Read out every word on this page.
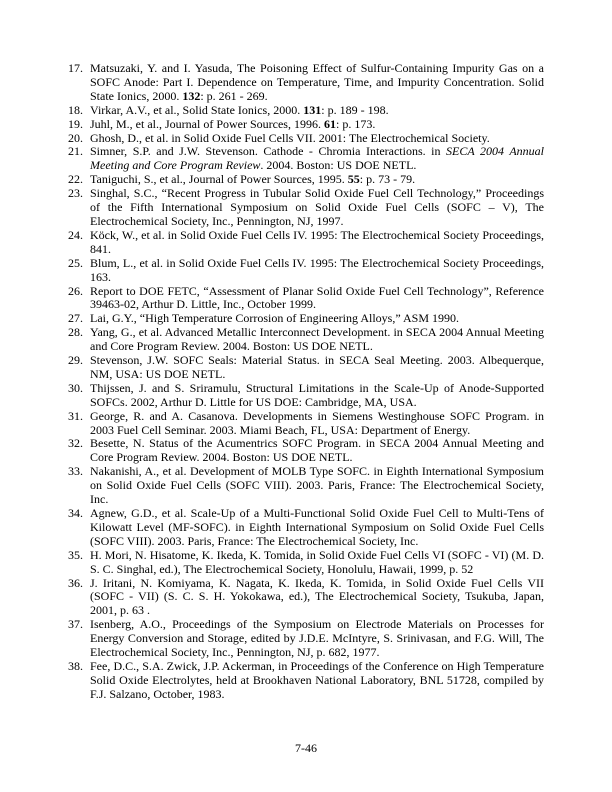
17. Matsuzaki, Y. and I. Yasuda, The Poisoning Effect of Sulfur-Containing Impurity Gas on a SOFC Anode: Part I. Dependence on Temperature, Time, and Impurity Concentration. Solid State Ionics, 2000. 132: p. 261 - 269.
18. Virkar, A.V., et al., Solid State Ionics, 2000. 131: p. 189 - 198.
19. Juhl, M., et al., Journal of Power Sources, 1996. 61: p. 173.
20. Ghosh, D., et al. in Solid Oxide Fuel Cells VII. 2001: The Electrochemical Society.
21. Simner, S.P. and J.W. Stevenson. Cathode - Chromia Interactions. in SECA 2004 Annual Meeting and Core Program Review. 2004. Boston: US DOE NETL.
22. Taniguchi, S., et al., Journal of Power Sources, 1995. 55: p. 73 - 79.
23. Singhal, S.C., “Recent Progress in Tubular Solid Oxide Fuel Cell Technology,” Proceedings of the Fifth International Symposium on Solid Oxide Fuel Cells (SOFC – V), The Electrochemical Society, Inc., Pennington, NJ, 1997.
24. Köck, W., et al. in Solid Oxide Fuel Cells IV. 1995: The Electrochemical Society Proceedings, 841.
25. Blum, L., et al. in Solid Oxide Fuel Cells IV. 1995: The Electrochemical Society Proceedings, 163.
26. Report to DOE FETC, “Assessment of Planar Solid Oxide Fuel Cell Technology”, Reference 39463-02, Arthur D. Little, Inc., October 1999.
27. Lai, G.Y., “High Temperature Corrosion of Engineering Alloys,” ASM 1990.
28. Yang, G., et al. Advanced Metallic Interconnect Development. in SECA 2004 Annual Meeting and Core Program Review. 2004. Boston: US DOE NETL.
29. Stevenson, J.W. SOFC Seals: Material Status. in SECA Seal Meeting. 2003. Albequerque, NM, USA: US DOE NETL.
30. Thijssen, J. and S. Sriramulu, Structural Limitations in the Scale-Up of Anode-Supported SOFCs. 2002, Arthur D. Little for US DOE: Cambridge, MA, USA.
31. George, R. and A. Casanova. Developments in Siemens Westinghouse SOFC Program. in 2003 Fuel Cell Seminar. 2003. Miami Beach, FL, USA: Department of Energy.
32. Besette, N. Status of the Acumentrics SOFC Program. in SECA 2004 Annual Meeting and Core Program Review. 2004. Boston: US DOE NETL.
33. Nakanishi, A., et al. Development of MOLB Type SOFC. in Eighth International Symposium on Solid Oxide Fuel Cells (SOFC VIII). 2003. Paris, France: The Electrochemical Society, Inc.
34. Agnew, G.D., et al. Scale-Up of a Multi-Functional Solid Oxide Fuel Cell to Multi-Tens of Kilowatt Level (MF-SOFC). in Eighth International Symposium on Solid Oxide Fuel Cells (SOFC VIII). 2003. Paris, France: The Electrochemical Society, Inc.
35. H. Mori, N. Hisatome, K. Ikeda, K. Tomida, in Solid Oxide Fuel Cells VI (SOFC - VI) (M. D. S. C. Singhal, ed.), The Electrochemical Society, Honolulu, Hawaii, 1999, p. 52
36. J. Iritani, N. Komiyama, K. Nagata, K. Ikeda, K. Tomida, in Solid Oxide Fuel Cells VII (SOFC - VII) (S. C. S. H. Yokokawa, ed.), The Electrochemical Society, Tsukuba, Japan, 2001, p. 63 .
37. Isenberg, A.O., Proceedings of the Symposium on Electrode Materials on Processes for Energy Conversion and Storage, edited by J.D.E. McIntyre, S. Srinivasan, and F.G. Will, The Electrochemical Society, Inc., Pennington, NJ, p. 682, 1977.
38. Fee, D.C., S.A. Zwick, J.P. Ackerman, in Proceedings of the Conference on High Temperature Solid Oxide Electrolytes, held at Brookhaven National Laboratory, BNL 51728, compiled by F.J. Salzano, October, 1983.
7-46
